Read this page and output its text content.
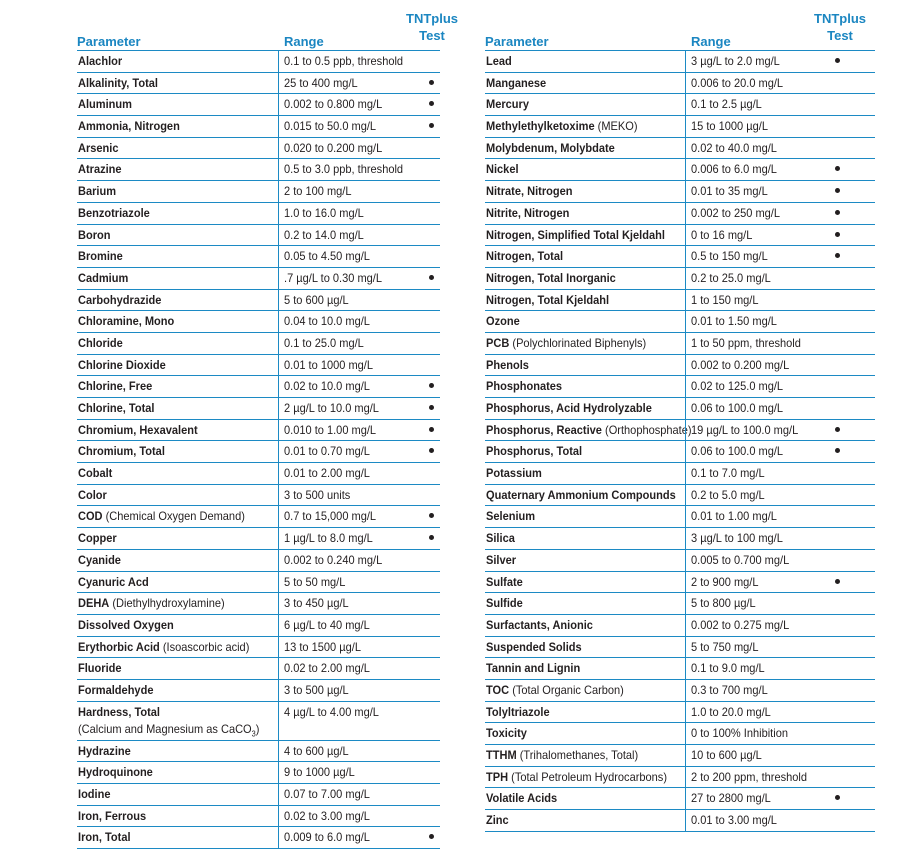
Parameter	Range
TNTplus
Test
Alachlor	0.1 to 0.5 ppb, threshold
Alkalinity, Total	25 to 400 mg/L
Aluminum	0.002 to 0.800 mg/L
Ammonia, Nitrogen	0.015 to 50.0 mg/L
Arsenic	0.020 to 0.200 mg/L
Atrazine	0.5 to 3.0 ppb, threshold
Barium	2 to 100 mg/L
Benzotriazole	1.0 to 16.0 mg/L
Boron	0.2 to 14.0 mg/L
Bromine	0.05 to 4.50 mg/L
Cadmium	.7 µg/L to 0.30 mg/L
Carbohydrazide	5 to 600 µg/L
Chloramine, Mono	0.04 to 10.0 mg/L
Chloride	0.1 to 25.0 mg/L
Chlorine Dioxide	0.01 to 1000 mg/L
Chlorine, Free	0.02 to 10.0 mg/L
Chlorine, Total	2 µg/L to 10.0 mg/L
Chromium, Hexavalent	0.010 to 1.00 mg/L
Chromium, Total	0.01 to 0.70 mg/L
Cobalt	0.01 to 2.00 mg/L
Color	3 to 500 units
COD (Chemical Oxygen Demand)	0.7 to 15,000 mg/L
Copper	1 µg/L to 8.0 mg/L
Cyanide	0.002 to 0.240 mg/L
Cyanuric Acd	5 to 50 mg/L
DEHA (Diethylhydroxylamine)	3 to 450 µg/L
Dissolved Oxygen	6 µg/L to 40 mg/L
Erythorbic Acid (Isoascorbic acid)	13 to 1500 µg/L
Fluoride	0.02 to 2.00 mg/L
Formaldehyde	3 to 500 µg/L
Hardness, Total
(Calcium and Magnesium as CaCO$_3$)
4 µg/L to 4.00 mg/L
Hydrazine	4 to 600 µg/L
Hydroquinone	9 to 1000 µg/L
Iodine	0.07 to 7.00 mg/L
Iron, Ferrous	0.02 to 3.00 mg/L
Iron, Total	0.009 to 6.0 mg/L
Parameter	Range
TNTplus
Test
Lead	3 µg/L to 2.0 mg/L
Manganese	0.006 to 20.0 mg/L
Mercury	0.1 to 2.5 µg/L
Methylethylketoxime (MEKO)	15 to 1000 µg/L
Molybdenum, Molybdate	0.02 to 40.0 mg/L
Nickel	0.006 to 6.0 mg/L
Nitrate, Nitrogen	0.01 to 35 mg/L
Nitrite, Nitrogen	0.002 to 250 mg/L
Nitrogen, Simplified Total Kjeldahl	0 to 16 mg/L
Nitrogen, Total	0.5 to 150 mg/L
Nitrogen, Total Inorganic	0.2 to 25.0 mg/L
Nitrogen, Total Kjeldahl	1 to 150 mg/L
Ozone	0.01 to 1.50 mg/L
PCB (Polychlorinated Biphenyls)	1 to 50 ppm, threshold
Phenols	0.002 to 0.200 mg/L
Phosphonates	0.02 to 125.0 mg/L
Phosphorus, Acid Hydrolyzable	0.06 to 100.0 mg/L
Phosphorus, Reactive (Orthophosphate) 19 µg/L to 100.0 mg/L
Phosphorus, Total	0.06 to 100.0 mg/L
Potassium	0.1 to 7.0 mg/L
Quaternary Ammonium Compounds	0.2 to 5.0 mg/L
Selenium	0.01 to 1.00 mg/L
Silica	3 µg/L to 100 mg/L
Silver	0.005 to 0.700 mg/L
Sulfate	2 to 900 mg/L
Sulfide	5 to 800 µg/L
Surfactants, Anionic	0.002 to 0.275 mg/L
Suspended Solids	5 to 750 mg/L
Tannin and Lignin	0.1 to 9.0 mg/L
TOC (Total Organic Carbon)	0.3 to 700 mg/L
Tolyltriazole	1.0 to 20.0 mg/L
Toxicity	0 to 100% Inhibition
TTHM (Trihalomethanes, Total)	10 to 600 µg/L
TPH (Total Petroleum Hydrocarbons)	2 to 200 ppm, threshold
Volatile Acids	27 to 2800 mg/L
Zinc	0.01 to 3.00 mg/L
